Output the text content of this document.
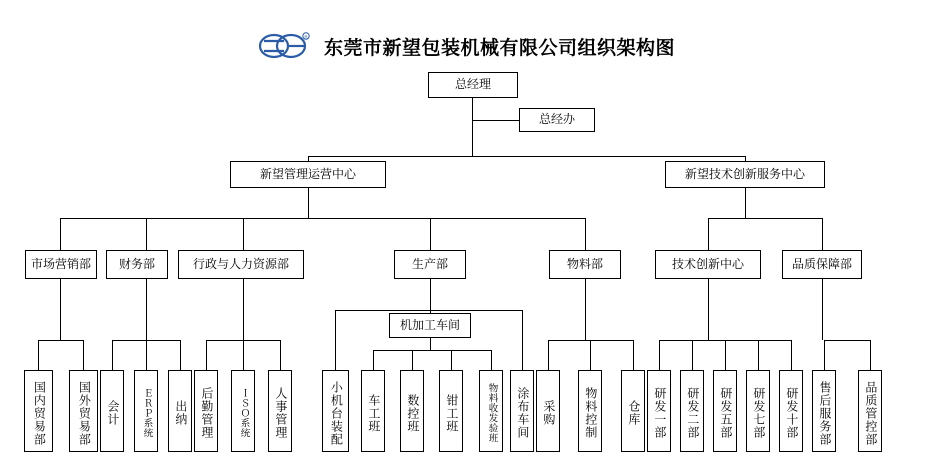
R
东莞市新望包装机械有限公司组织架构图
总经理
总经办
新望管理运营中心	新望技术创新服务中心
市场营销部	财务部	行政与人力资源部	生产部	物料部	技术创新中心	品质保障部
国内贸易部	国外贸易部	会计	ＥＲＰ系统	出纳	后勤管理	ＩＳＯ系统	人事管理
机加工车间
小机台装配	车工班	数控班	钳工班	物料收发验班	涂布车间	采购	物料控制	仓库	研发一部	研发二部	研发五部	研发七部	研发十部	售后服务部	品质管控部
